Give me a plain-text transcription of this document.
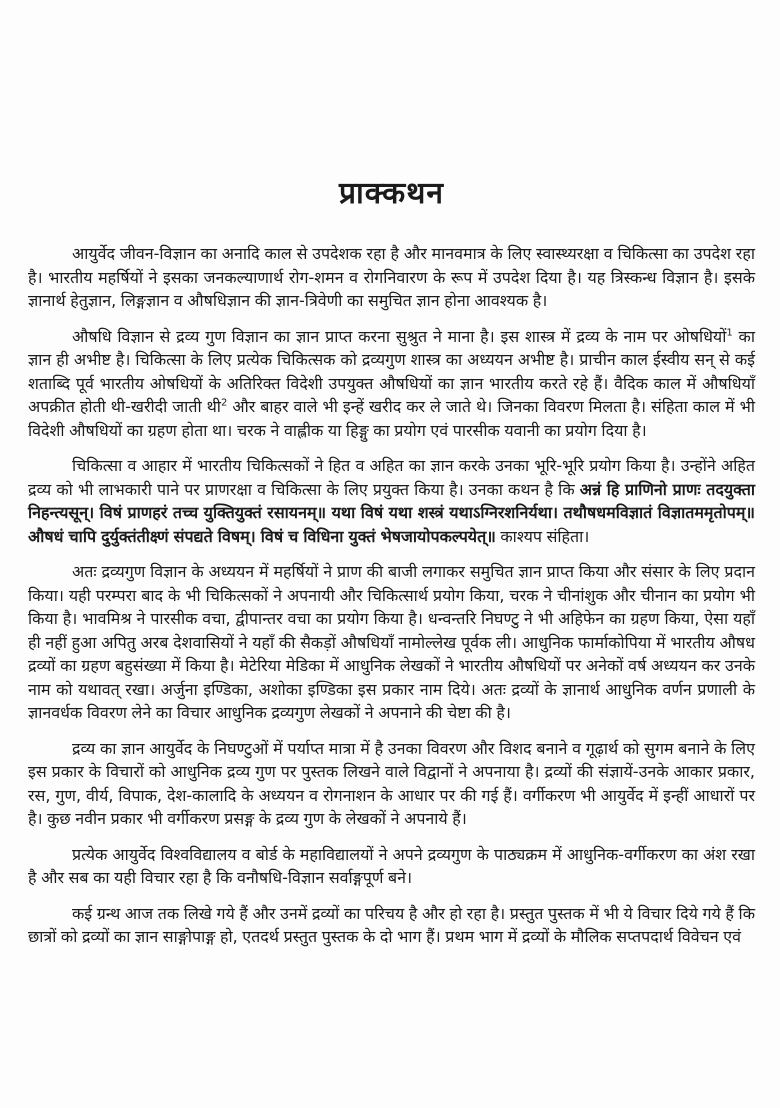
प्राक्कथन

आयुर्वेद जीवन-विज्ञान का अनादि काल से उपदेशक रहा है और मानवमात्र के लिए स्वास्थ्यरक्षा व चिकित्सा का उपदेश रहा है। भारतीय महर्षियों ने इसका जनकल्याणार्थ रोग-शमन व रोगनिवारण के रूप में उपदेश दिया है। यह त्रिस्कन्ध विज्ञान है। इसके ज्ञानार्थ हेतुज्ञान, लिङ्गज्ञान व औषधिज्ञान की ज्ञान-त्रिवेणी का समुचित ज्ञान होना आवश्यक है।

औषधि विज्ञान से द्रव्य गुण विज्ञान का ज्ञान प्राप्त करना सुश्रुत ने माना है। इस शास्त्र में द्रव्य के नाम पर ओषधियों$^1$ का ज्ञान ही अभीष्ट है। चिकित्सा के लिए प्रत्येक चिकित्सक को द्रव्यगुण शास्त्र का अध्ययन अभीष्ट है। प्राचीन काल ईस्वीय सन् से कई शताब्दि पूर्व भारतीय ओषधियों के अतिरिक्त विदेशी उपयुक्त औषधियों का ज्ञान भारतीय करते रहे हैं। वैदिक काल में औषधियाँ अपक्रीत होती थी-खरीदी जाती थी$^2$ और बाहर वाले भी इन्हें खरीद कर ले जाते थे। जिनका विवरण मिलता है। संहिता काल में भी विदेशी औषधियों का ग्रहण होता था। चरक ने वाह्लीक या हिङ्गु का प्रयोग एवं पारसीक यवानी का प्रयोग दिया है।

चिकित्सा व आहार में भारतीय चिकित्सकों ने हित व अहित का ज्ञान करके उनका भूरि-भूरि प्रयोग किया है। उन्होंने अहित द्रव्य को भी लाभकारी पाने पर प्राणरक्षा व चिकित्सा के लिए प्रयुक्त किया है। उनका कथन है कि अन्नं हि प्राणिनो प्राणः तदयुक्ता निहन्त्यसून्। विषं प्राणहरं तच्च युक्तियुक्तं रसायनम्॥ यथा विषं यथा शस्त्रं यथाऽग्निरशनिर्यथा। तथौषधमविज्ञातं विज्ञातममृतोपम्॥ औषधं चापि दुर्युक्तंतीक्ष्णं संपद्यते विषम्। विषं च विधिना युक्तं भेषजायोपकल्पयेत्॥ काश्यप संहिता।

अतः द्रव्यगुण विज्ञान के अध्ययन में महर्षियों ने प्राण की बाजी लगाकर समुचित ज्ञान प्राप्त किया और संसार के लिए प्रदान किया। यही परम्परा बाद के भी चिकित्सकों ने अपनायी और चिकित्सार्थ प्रयोग किया, चरक ने चीनांशुक और चीनान का प्रयोग भी किया है। भावमिश्र ने पारसीक वचा, द्वीपान्तर वचा का प्रयोग किया है। धन्वन्तरि निघण्टु ने भी अहिफेन का ग्रहण किया, ऐसा यहाँ ही नहीं हुआ अपितु अरब देशवासियों ने यहाँ की सैकड़ों औषधियाँ नामोल्लेख पूर्वक ली। आधुनिक फार्माकोपिया में भारतीय औषध द्रव्यों का ग्रहण बहुसंख्या में किया है। मेटेरिया मेडिका में आधुनिक लेखकों ने भारतीय औषधियों पर अनेकों वर्ष अध्ययन कर उनके नाम को यथावत् रखा। अर्जुना इण्डिका, अशोका इण्डिका इस प्रकार नाम दिये। अतः द्रव्यों के ज्ञानार्थ आधुनिक वर्णन प्रणाली के ज्ञानवर्धक विवरण लेने का विचार आधुनिक द्रव्यगुण लेखकों ने अपनाने की चेष्टा की है।

द्रव्य का ज्ञान आयुर्वेद के निघण्टुओं में पर्याप्त मात्रा में है उनका विवरण और विशद बनाने व गूढ़ार्थ को सुगम बनाने के लिए इस प्रकार के विचारों को आधुनिक द्रव्य गुण पर पुस्तक लिखने वाले विद्वानों ने अपनाया है। द्रव्यों की संज्ञायें-उनके आकार प्रकार, रस, गुण, वीर्य, विपाक, देश-कालादि के अध्ययन व रोगनाशन के आधार पर की गई हैं। वर्गीकरण भी आयुर्वेद में इन्हीं आधारों पर है। कुछ नवीन प्रकार भी वर्गीकरण प्रसङ्ग के द्रव्य गुण के लेखकों ने अपनाये हैं।

प्रत्येक आयुर्वेद विश्वविद्यालय व बोर्ड के महाविद्यालयों ने अपने द्रव्यगुण के पाठ्यक्रम में आधुनिक-वर्गीकरण का अंश रखा है और सब का यही विचार रहा है कि वनौषधि-विज्ञान सर्वाङ्गपूर्ण बने।

कई ग्रन्थ आज तक लिखे गये हैं और उनमें द्रव्यों का परिचय है और हो रहा है। प्रस्तुत पुस्तक में भी ये विचार दिये गये हैं कि छात्रों को द्रव्यों का ज्ञान साङ्गोपाङ्ग हो, एतदर्थ प्रस्तुत पुस्तक के दो भाग हैं। प्रथम भाग में द्रव्यों के मौलिक सप्तपदार्थ विवेचन एवं
